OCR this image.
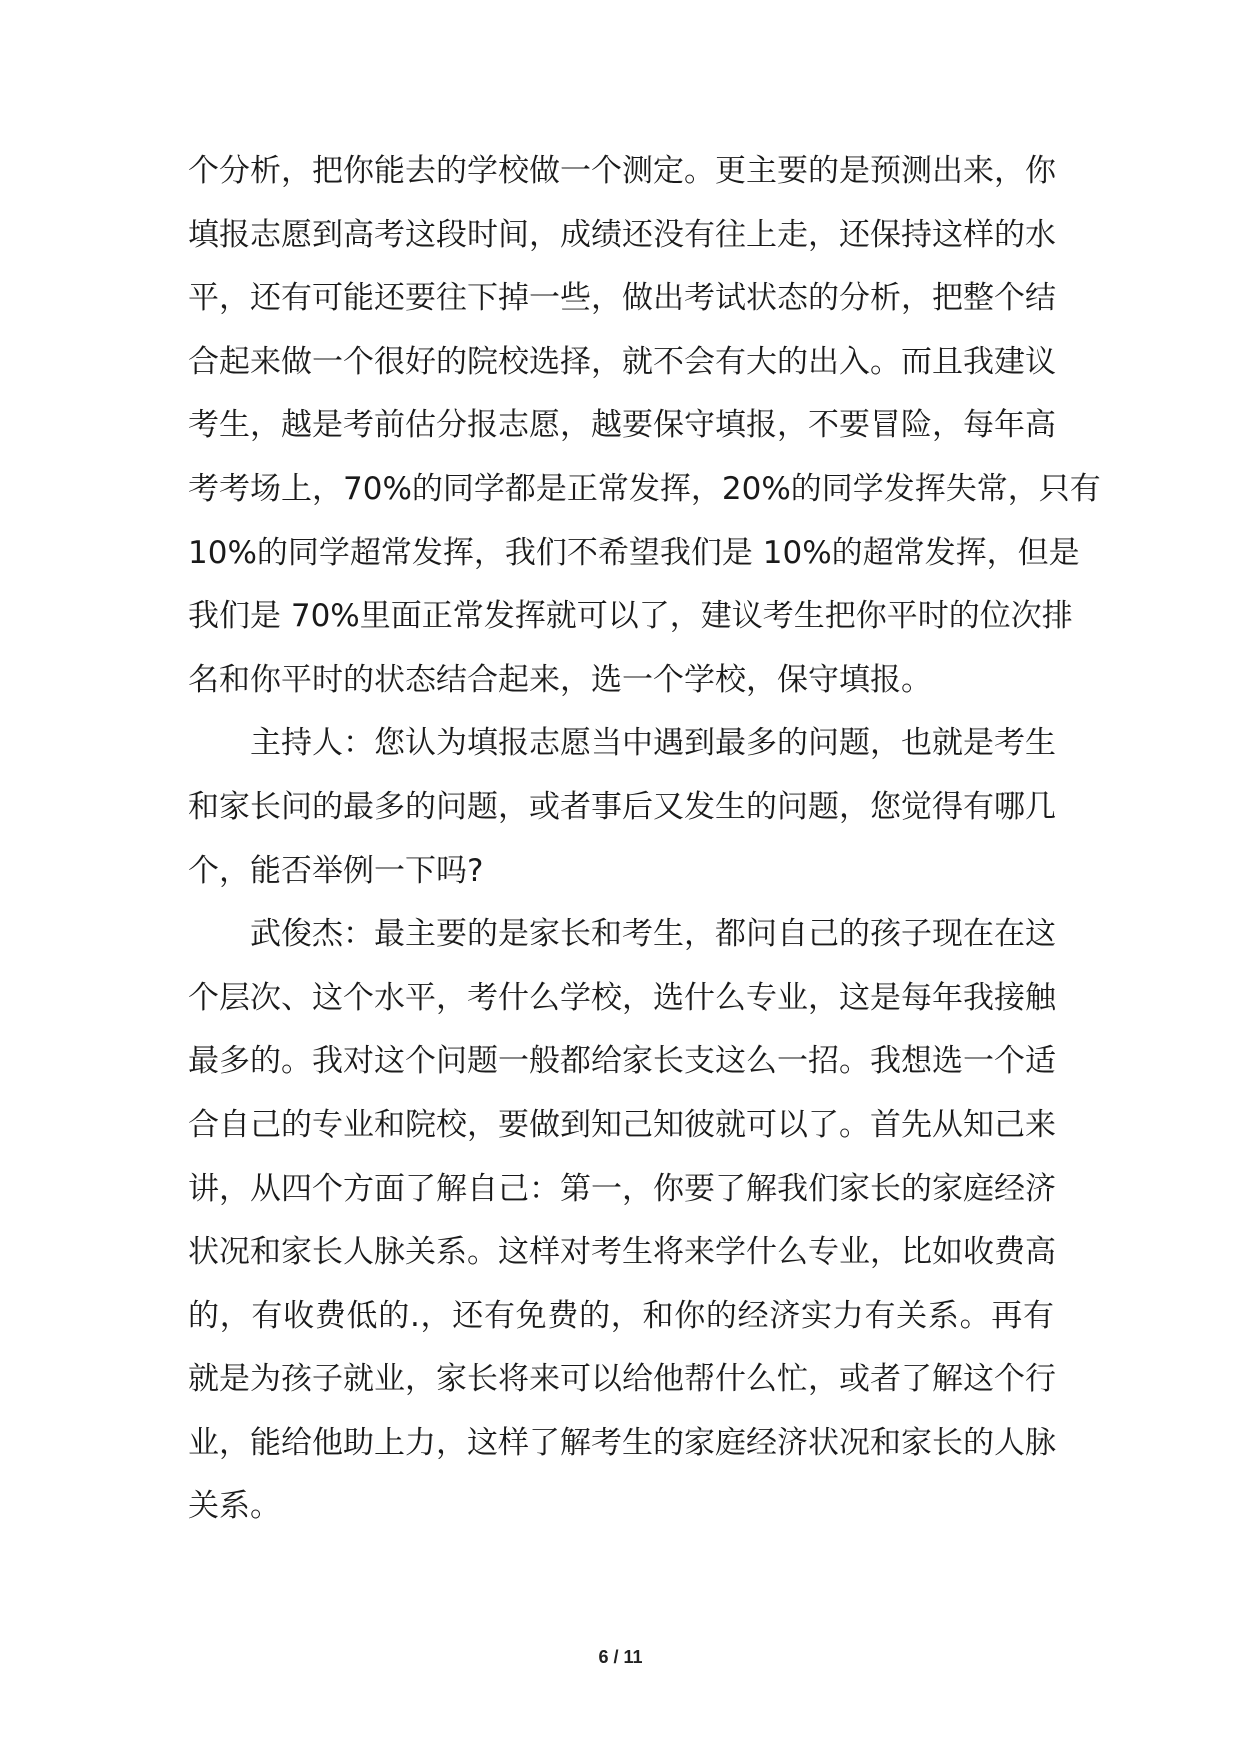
个分析，把你能去的学校做一个测定。更主要的是预测出来，你
填报志愿到高考这段时间，成绩还没有往上走，还保持这样的水
平，还有可能还要往下掉一些，做出考试状态的分析，把整个结
合起来做一个很好的院校选择，就不会有大的出入。而且我建议
考生，越是考前估分报志愿，越要保守填报，不要冒险，每年高
考考场上，70%的同学都是正常发挥，20%的同学发挥失常，只有
10%的同学超常发挥，我们不希望我们是 10%的超常发挥，但是
我们是 70%里面正常发挥就可以了，建议考生把你平时的位次排
名和你平时的状态结合起来，选一个学校，保守填报。
主持人：您认为填报志愿当中遇到最多的问题，也就是考生
和家长问的最多的问题，或者事后又发生的问题，您觉得有哪几
个，能否举例一下吗?
武俊杰：最主要的是家长和考生，都问自己的孩子现在在这
个层次、这个水平，考什么学校，选什么专业，这是每年我接触
最多的。我对这个问题一般都给家长支这么一招。我想选一个适
合自己的专业和院校，要做到知己知彼就可以了。首先从知己来
讲，从四个方面了解自己：第一，你要了解我们家长的家庭经济
状况和家长人脉关系。这样对考生将来学什么专业，比如收费高
的，有收费低的.，还有免费的，和你的经济实力有关系。再有
就是为孩子就业，家长将来可以给他帮什么忙，或者了解这个行
业，能给他助上力，这样了解考生的家庭经济状况和家长的人脉
关系。
6 / 11
